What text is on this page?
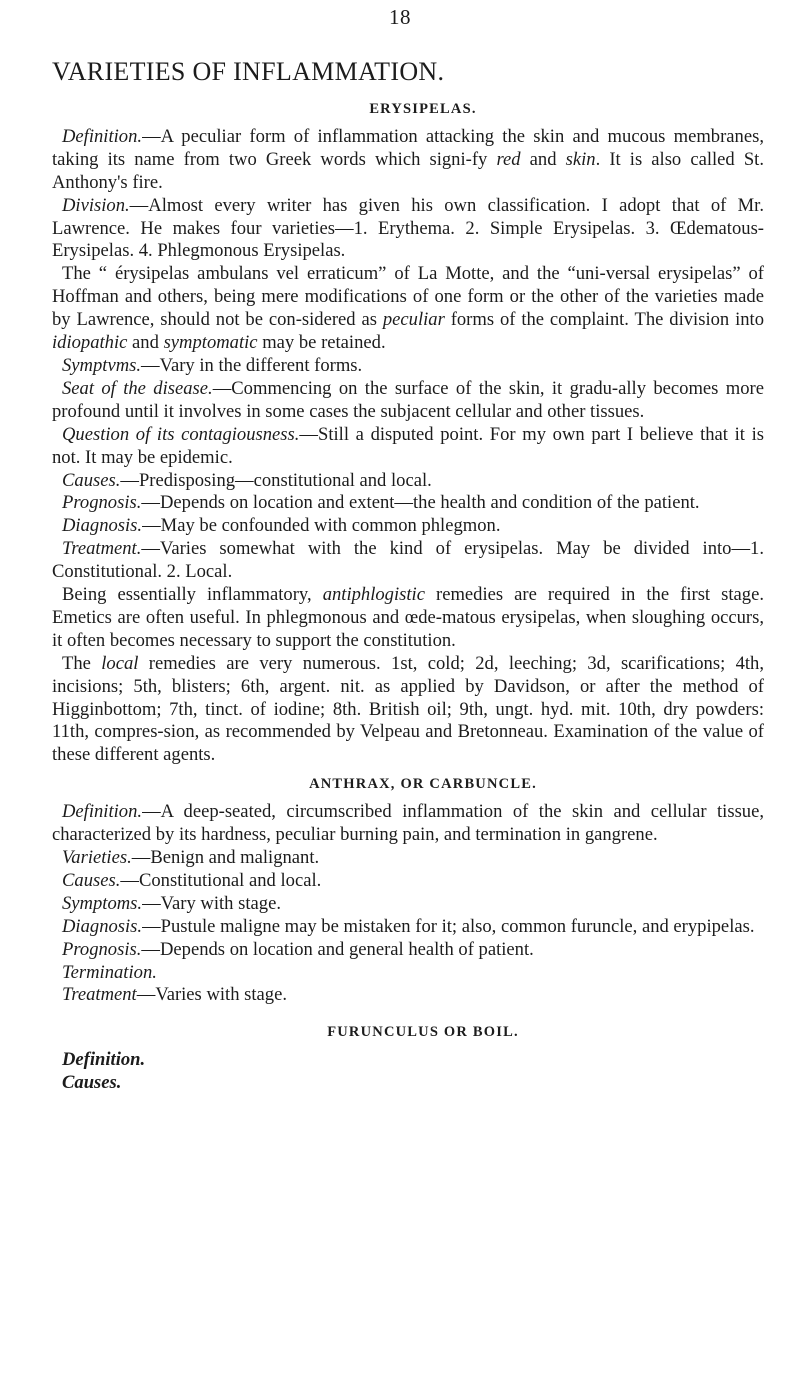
18
VARIETIES OF INFLAMMATION.
ERYSIPELAS.

Definition.—A peculiar form of inflammation attacking the skin and mucous membranes, taking its name from two Greek words which signi-fy red and skin. It is also called St. Anthony's fire.

Division.—Almost every writer has given his own classification. I adopt that of Mr. Lawrence. He makes four varieties—1. Erythema. 2. Simple Erysipelas. 3. Œdematous-Erysipelas. 4. Phlegmonous Erysipelas.

The “ érysipelas ambulans vel erraticum” of La Motte, and the “uni-versal erysipelas” of Hoffman and others, being mere modifications of one form or the other of the varieties made by Lawrence, should not be con-sidered as peculiar forms of the complaint. The division into idiopathic and symptomatic may be retained.

Symptvms.—Vary in the different forms.

Seat of the disease.—Commencing on the surface of the skin, it gradu-ally becomes more profound until it involves in some cases the subjacent cellular and other tissues.

Question of its contagiousness.—Still a disputed point. For my own part I believe that it is not. It may be epidemic.

Causes.—Predisposing—constitutional and local.

Prognosis.—Depends on location and extent—the health and condition of the patient.

Diagnosis.—May be confounded with common phlegmon.

Treatment.—Varies somewhat with the kind of erysipelas. May be divided into—1. Constitutional. 2. Local.

Being essentially inflammatory, antiphlogistic remedies are required in the first stage. Emetics are often useful. In phlegmonous and œde-matous erysipelas, when sloughing occurs, it often becomes necessary to support the constitution.

The local remedies are very numerous. 1st, cold; 2d, leeching; 3d, scarifications; 4th, incisions; 5th, blisters; 6th, argent. nit. as applied by Davidson, or after the method of Higginbottom; 7th, tinct. of iodine; 8th. British oil; 9th, ungt. hyd. mit. 10th, dry powders: 11th, compres-sion, as recommended by Velpeau and Bretonneau. Examination of the value of these different agents.

ANTHRAX, OR CARBUNCLE.

Definition.—A deep-seated, circumscribed inflammation of the skin and cellular tissue, characterized by its hardness, peculiar burning pain, and termination in gangrene.

Varieties.—Benign and malignant.

Causes.—Constitutional and local.

Symptoms.—Vary with stage.

Diagnosis.—Pustule maligne may be mistaken for it; also, common furuncle, and erypipelas.

Prognosis.—Depends on location and general health of patient.

Termination.

Treatment—Varies with stage.

FURUNCULUS OR BOIL.

Definition.

Causes.
